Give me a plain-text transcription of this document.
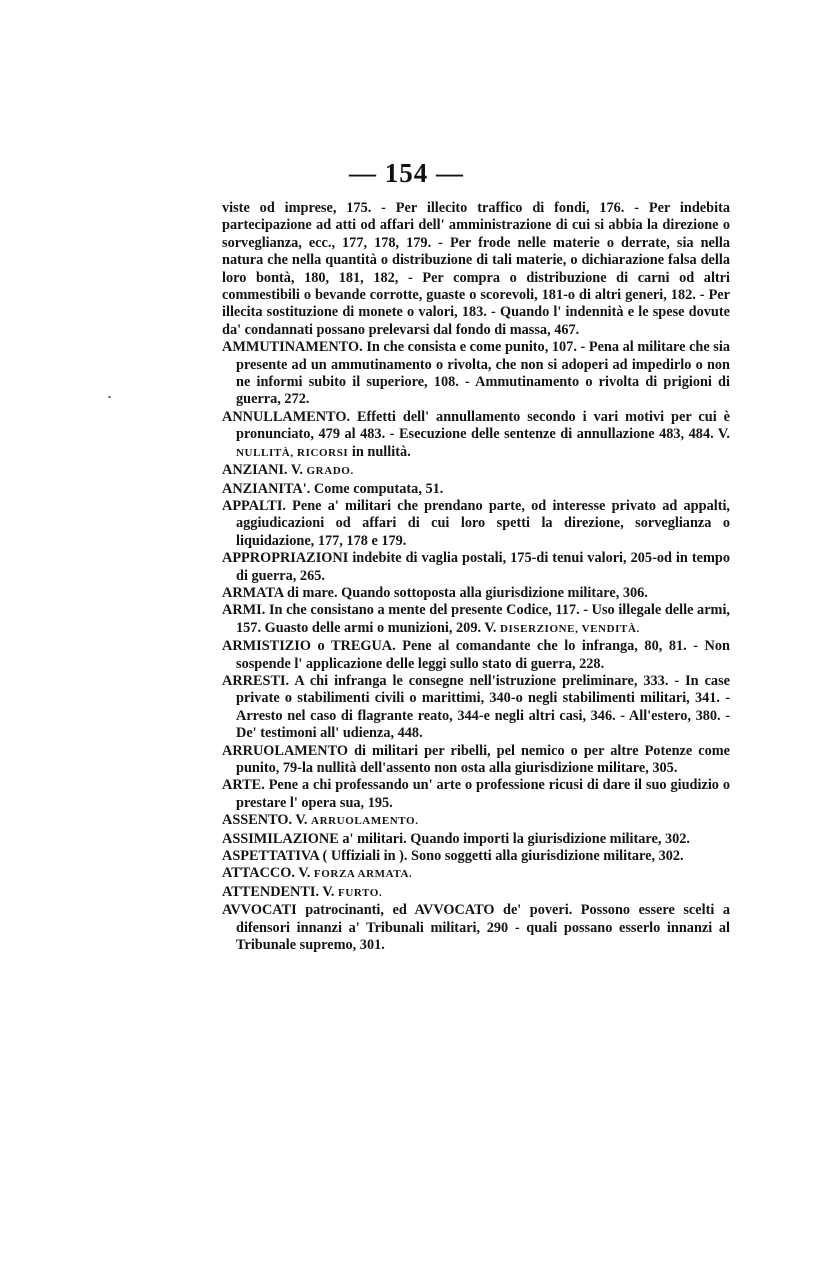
— 154 —

viste od imprese, 175. - Per illecito traffico di fondi, 176. - Per indebita partecipazione ad atti od affari dell' amministrazione di cui si abbia la direzione o sorveglianza, ecc., 177, 178, 179. - Per frode nelle materie o derrate, sia nella natura che nella quantità o distribuzione di tali materie, o dichiarazione falsa della loro bontà, 180, 181, 182, - Per compra o distribuzione di carni od altri commestibili o bevande corrotte, guaste o scorevoli, 181-o di altri generi, 182. - Per illecita sostituzione di monete o valori, 183. - Quando l' indennità e le spese dovute da' condannati possano prelevarsi dal fondo di massa, 467.

AMMUTINAMENTO. In che consista e come punito, 107. - Pena al militare che sia presente ad un ammutinamento o rivolta, che non si adoperi ad impedirlo o non ne informi subito il superiore, 108. - Ammutinamento o rivolta di prigioni di guerra, 272.

ANNULLAMENTO. Effetti dell' annullamento secondo i vari motivi per cui è pronunciato, 479 al 483. - Esecuzione delle sentenze di annullazione 483, 484. V. NULLITÀ, RICORSI in nullità.

ANZIANI. V. GRADO.

ANZIANITA'. Come computata, 51.

APPALTI. Pene a' militari che prendano parte, od interesse privato ad appalti, aggiudicazioni od affari di cui loro spetti la direzione, sorveglianza o liquidazione, 177, 178 e 179.

APPROPRIAZIONI indebite di vaglia postali, 175-di tenui valori, 205-od in tempo di guerra, 265.

ARMATA di mare. Quando sottoposta alla giurisdizione militare, 306.

ARMI. In che consistano a mente del presente Codice, 117. - Uso illegale delle armi, 157. Guasto delle armi o munizioni, 209. V. DISERZIONE, VENDITÀ.

ARMISTIZIO o TREGUA. Pene al comandante che lo infranga, 80, 81. - Non sospende l' applicazione delle leggi sullo stato di guerra, 228.

ARRESTI. A chi infranga le consegne nell'istruzione preliminare, 333. - In case private o stabilimenti civili o marittimi, 340-o negli stabilimenti militari, 341. - Arresto nel caso di flagrante reato, 344-e negli altri casi, 346. - All'estero, 380. - De' testimoni all' udienza, 448.

ARRUOLAMENTO di militari per ribelli, pel nemico o per altre Potenze come punito, 79-la nullità dell'assento non osta alla giurisdizione militare, 305.

ARTE. Pene a chi professando un' arte o professione ricusi di dare il suo giudizio o prestare l' opera sua, 195.

ASSENTO. V. ARRUOLAMENTO.

ASSIMILAZIONE a' militari. Quando importi la giurisdizione militare, 302.

ASPETTATIVA ( Uffiziali in ). Sono soggetti alla giurisdizione militare, 302.

ATTACCO. V. FORZA ARMATA.

ATTENDENTI. V. FURTO.

AVVOCATI patrocinanti, ed AVVOCATO de' poveri. Possono essere scelti a difensori innanzi a' Tribunali militari, 290 - quali possano esserlo innanzi al Tribunale supremo, 301.
